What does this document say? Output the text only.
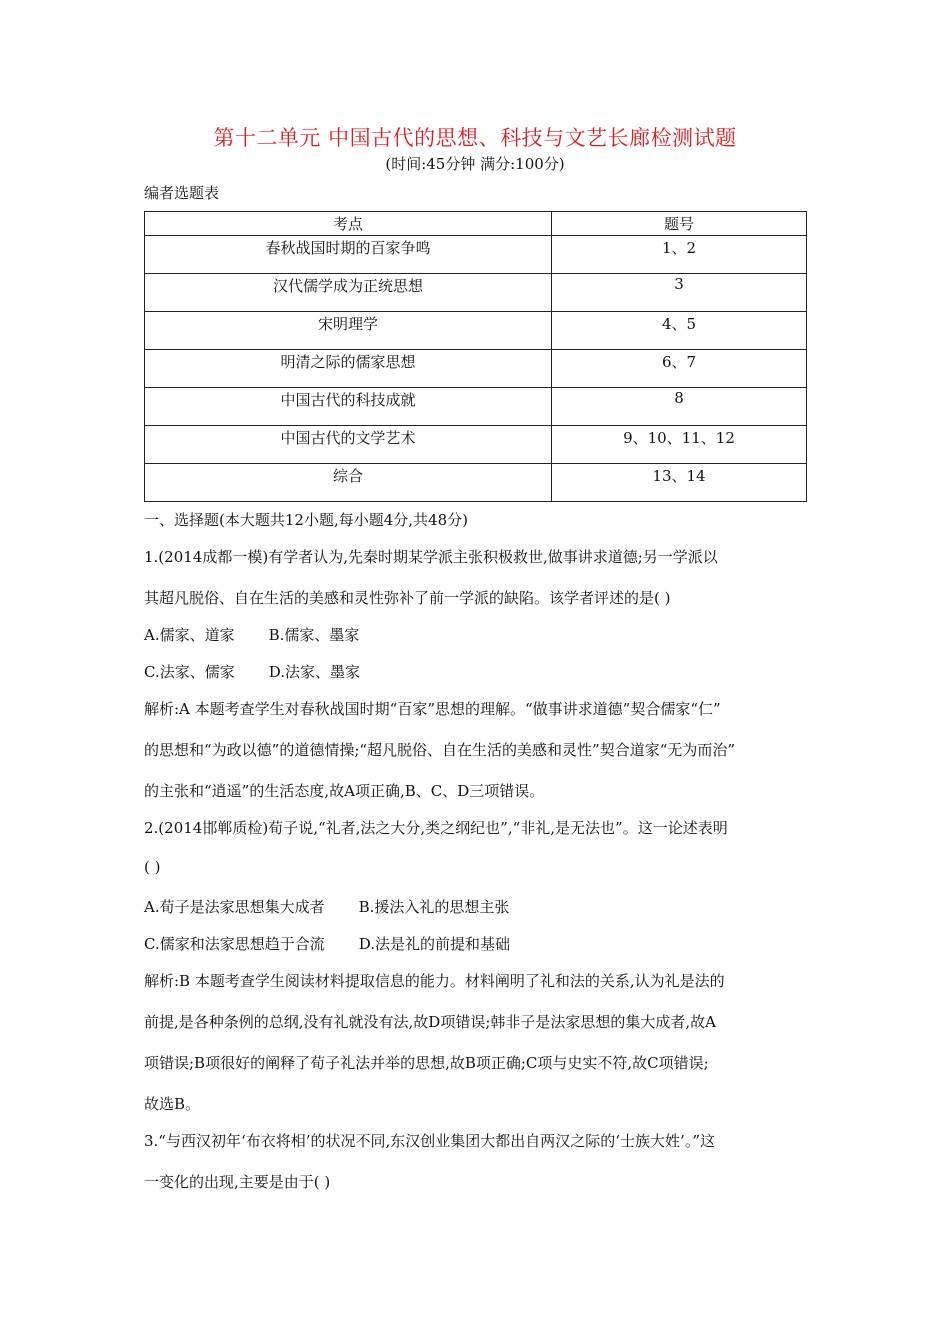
第十二单元 中国古代的思想、科技与文艺长廊检测试题
(时间:45分钟 满分:100分)
编者选题表
考点	题号
春秋战国时期的百家争鸣	1、2
汉代儒学成为正统思想	3
宋明理学	4、5
明清之际的儒家思想	6、7
中国古代的科技成就	8
中国古代的文学艺术	9、10、11、12
综合	13、14
一、选择题(本大题共12小题,每小题4分,共48分)
1.(2014成都一模)有学者认为,先秦时期某学派主张积极救世,做事讲求道德;另一学派以
其超凡脱俗、自在生活的美感和灵性弥补了前一学派的缺陷。该学者评述的是( )
A.儒家、道家 B.儒家、墨家
C.法家、儒家 D.法家、墨家
解析:A 本题考查学生对春秋战国时期“百家”思想的理解。“做事讲求道德”契合儒家“仁”
的思想和“为政以德”的道德情操;“超凡脱俗、自在生活的美感和灵性”契合道家“无为而治”
的主张和“逍遥”的生活态度,故A项正确,B、C、D三项错误。
2.(2014邯郸质检)荀子说,“礼者,法之大分,类之纲纪也”,“非礼,是无法也”。这一论述表明
( )
A.荀子是法家思想集大成者 B.援法入礼的思想主张
C.儒家和法家思想趋于合流 D.法是礼的前提和基础
解析:B 本题考查学生阅读材料提取信息的能力。材料阐明了礼和法的关系,认为礼是法的
前提,是各种条例的总纲,没有礼就没有法,故D项错误;韩非子是法家思想的集大成者,故A
项错误;B项很好的阐释了荀子礼法并举的思想,故B项正确;C项与史实不符,故C项错误;
故选B。
3.“与西汉初年‘布衣将相’的状况不同,东汉创业集团大都出自两汉之际的‘士族大姓’。”这
一变化的出现,主要是由于( )
